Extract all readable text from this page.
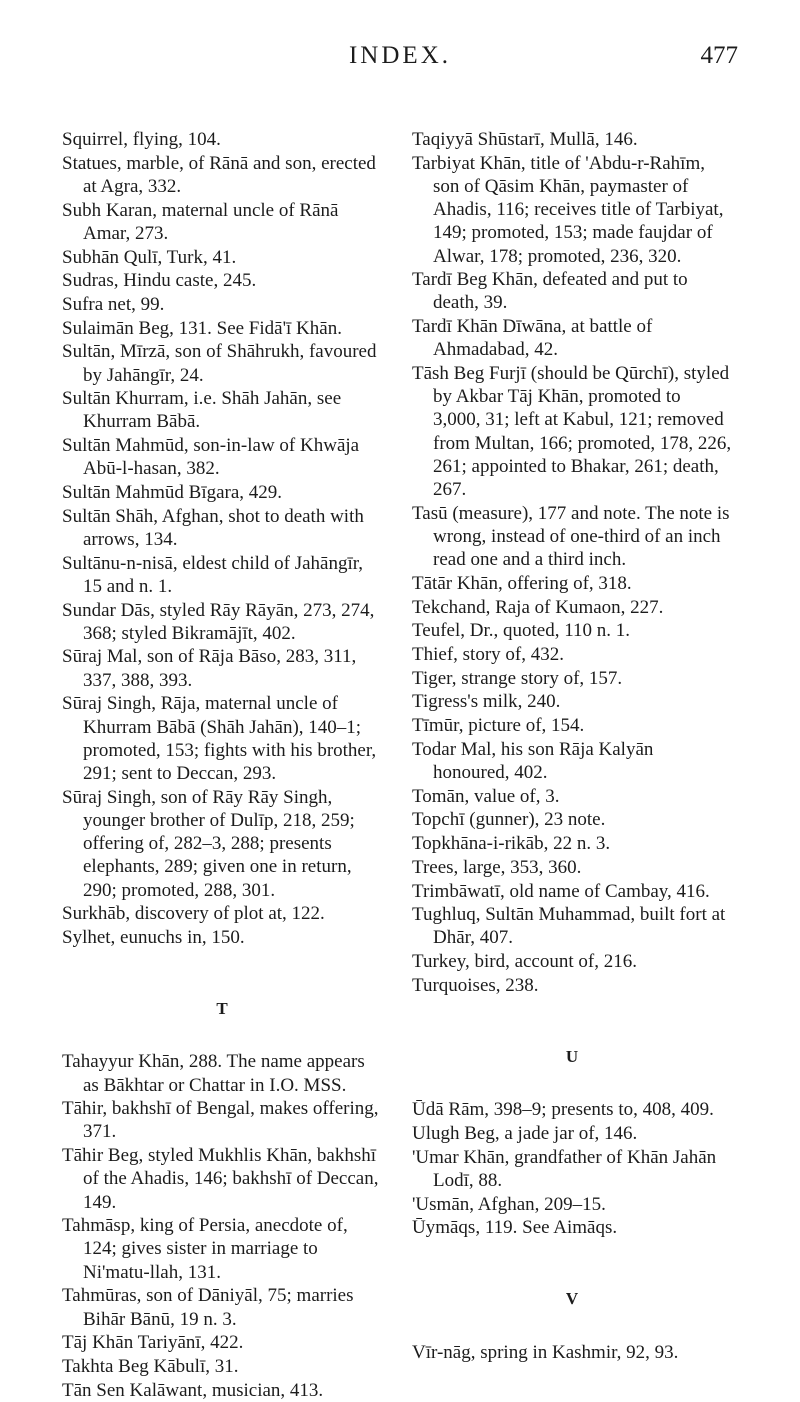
INDEX.	477
Squirrel, flying, 104.
Statues, marble, of Rānā and son, erected at Agra, 332.
Subh Karan, maternal uncle of Rānā Amar, 273.
Subhān Qulī, Turk, 41.
Sudras, Hindu caste, 245.
Sufra net, 99.
Sulaimān Beg, 131. See Fidā'ī Khān.
Sultān, Mīrzā, son of Shāhrukh, favoured by Jahāngīr, 24.
Sultān Khurram, i.e. Shāh Jahān, see Khurram Bābā.
Sultān Mahmūd, son-in-law of Khwāja Abū-l-hasan, 382.
Sultān Mahmūd Bīgara, 429.
Sultān Shāh, Afghan, shot to death with arrows, 134.
Sultānu-n-nisā, eldest child of Jahāngīr, 15 and n. 1.
Sundar Dās, styled Rāy Rāyān, 273, 274, 368; styled Bikramājīt, 402.
Sūraj Mal, son of Rāja Bāso, 283, 311, 337, 388, 393.
Sūraj Singh, Rāja, maternal uncle of Khurram Bābā (Shāh Jahān), 140–1; promoted, 153; fights with his brother, 291; sent to Deccan, 293.
Sūraj Singh, son of Rāy Rāy Singh, younger brother of Dulīp, 218, 259; offering of, 282–3, 288; presents elephants, 289; given one in return, 290; promoted, 288, 301.
Surkhāb, discovery of plot at, 122.
Sylhet, eunuchs in, 150.
T
Tahayyur Khān, 288. The name appears as Bākhtar or Chattar in I.O. MSS.
Tāhir, bakhshī of Bengal, makes offering, 371.
Tāhir Beg, styled Mukhlis Khān, bakhshī of the Ahadis, 146; bakhshī of Deccan, 149.
Tahmāsp, king of Persia, anecdote of, 124; gives sister in marriage to Ni'matu-llah, 131.
Tahmūras, son of Dāniyāl, 75; marries Bihār Bānū, 19 n. 3.
Tāj Khān Tariyānī, 422.
Takhta Beg Kābulī, 31.
Tān Sen Kalāwant, musician, 413.
Taqiyyā Shūstarī, Mullā, 146.
Tarbiyat Khān, title of 'Abdu-r-Rahīm, son of Qāsim Khān, paymaster of Ahadis, 116; receives title of Tarbiyat, 149; promoted, 153; made faujdar of Alwar, 178; promoted, 236, 320.
Tardī Beg Khān, defeated and put to death, 39.
Tardī Khān Dīwāna, at battle of Ahmadabad, 42.
Tāsh Beg Furjī (should be Qūrchī), styled by Akbar Tāj Khān, promoted to 3,000, 31; left at Kabul, 121; removed from Multan, 166; promoted, 178, 226, 261; appointed to Bhakar, 261; death, 267.
Tasū (measure), 177 and note. The note is wrong, instead of one-third of an inch read one and a third inch.
Tātār Khān, offering of, 318.
Tekchand, Raja of Kumaon, 227.
Teufel, Dr., quoted, 110 n. 1.
Thief, story of, 432.
Tiger, strange story of, 157.
Tigress's milk, 240.
Tīmūr, picture of, 154.
Todar Mal, his son Rāja Kalyān honoured, 402.
Tomān, value of, 3.
Topchī (gunner), 23 note.
Topkhāna-i-rikāb, 22 n. 3.
Trees, large, 353, 360.
Trimbāwatī, old name of Cambay, 416.
Tughluq, Sultān Muhammad, built fort at Dhār, 407.
Turkey, bird, account of, 216.
Turquoises, 238.
U
Ūdā Rām, 398–9; presents to, 408, 409.
Ulugh Beg, a jade jar of, 146.
'Umar Khān, grandfather of Khān Jahān Lodī, 88.
'Usmān, Afghan, 209–15.
Ūymāqs, 119. See Aimāqs.
V
Vīr-nāg, spring in Kashmir, 92, 93.
